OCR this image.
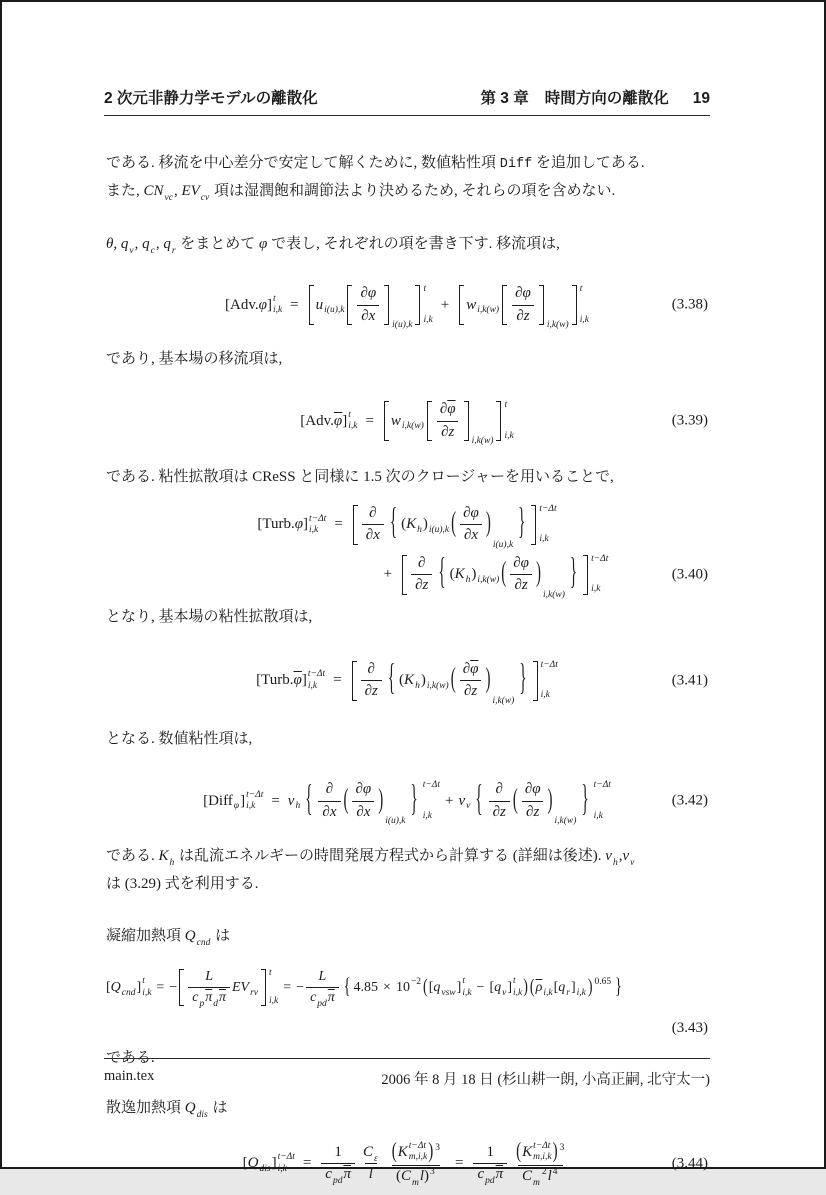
2 次元非静力学モデルの離散化	第 3 章 時間方向の離散化 19
である. 移流を中心差分で安定して解くために, 数値粘性項 Diff を追加してある.
また, CNvc, EVcv 項は湿潤飽和調節法より決めるため, それらの項を含めない.
θ, qv, qc, qr をまとめて φ で表し, それぞれの項を書き下す. 移流項は,
[Adv. φ ] t
i,k = u $i(u),k \frac{\partial\varphi}{\partial x} i(u),k$
t
i,k
+ w $i,k(w) \frac{\partial\varphi}{\partial z} i,k(w)$
t
i,k
(3.38)
であり, 基本場の移流項は,
[Adv. $\overline{\varphi}$ ] t
i,k = w $i,k(w) \frac{\partial\overline{\varphi}}{\partial z} i,k(w)$
t
i,k
(3.39)
である. 粘性拡散項は CReSS と同様に 1.5 次のクロージャーを用いることで,
[Turb. φ ] t−Δt
$i,k = \frac{\partial}{\partial x}$ { ( K h ) i(u),k ( $\frac{\partial\varphi}{\partial x}$ )
i(u),k
} t−Δt
i,k
+ $\frac{\partial}{\partial z}$ { ( K h ) i,k(w) ( $\frac{\partial\varphi}{\partial z}$ )
i,k(w)
} t−Δt
i,k
(3.40)
となり, 基本場の粘性拡散項は,
[Turb. $\overline{\varphi}$ ] t−Δt
$i,k = \frac{\partial}{\partial z}$ { ( K h ) i,k(w) ( $\frac{\partial\overline{\varphi}}{\partial z}$ )
i,k(w)
} t−Δt
i,k
(3.41)
となる. 数値粘性項は,
[Diff φ ] t−Δt
i,k = ν h { $\frac{\partial}{\partial x}$ ( $\frac{\partial\varphi}{\partial x}$ )
i(u),k
} t−Δt
i,k
+ ν v { $\frac{\partial}{\partial z}$ ( $\frac{\partial\varphi}{\partial z}$ )
i,k(w)
} t−Δt
i,k
(3.42)
である. Kh は乱流エネルギーの時間発展方程式から計算する (詳細は後述). νh,νv
は (3.29) 式を利用する.
凝縮加熱項 Qcnd は
[ Q cnd ] t
i,k = − $\frac{L}{cp\overline{\pi}d\overline{\pi}}$ EV rv
t
i,k
= − $\frac{L}{cpd\overline{\pi}}$ { 4.85 × 10 −2 ( [ q vsw ] t
i,k − [ q v ] t
i,k ) ( $\overline{\rho}$ i,k [ q r ] i,k ) 0.65 }
(3.43)
である.
散逸加熱項 Qdis は
[ Q dis ] t−Δt
$i,k = \frac{1}{cpd\overline{\pi}} \frac{C\varepsilon}{l} (K$ t−Δt
m,i,k ) 3
$(Cml)3 = \frac{1}{cpd\overline{\pi}} (K$ t−Δt
m,i,k ) 3
Cm2l4	(3.44)
main.tex	2006 年 8 月 18 日 (杉山耕一朗, 小高正嗣, 北守太一)
